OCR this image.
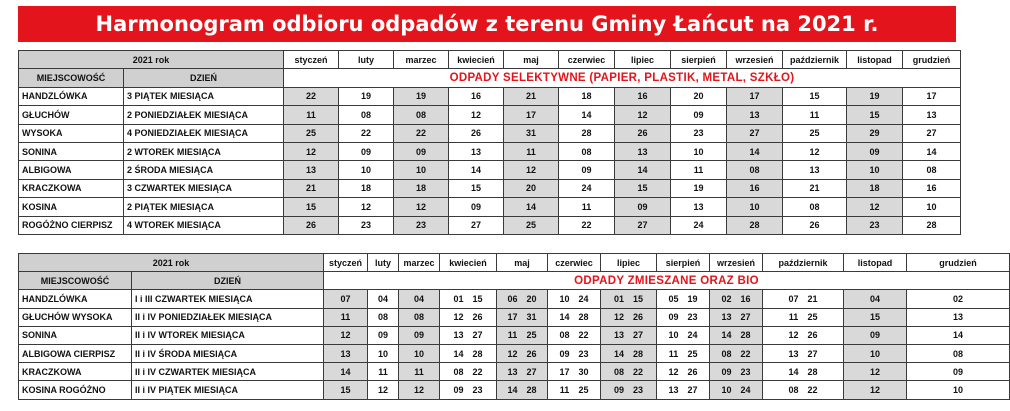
Harmonogram odbioru odpadów z terenu Gminy Łańcut na 2021 r.
2021 rok		styczeń	luty	marzec	kwiecień	maj	czerwiec	lipiec	sierpień	wrzesień	październik	listopad	grudzień
MIEJSCOWOŚĆ	DZIEŃ	ODPADY SELEKTYWNE (PAPIER, PLASTIK, METAL, SZKŁO)											
HANDZLÓWKA	3 PIĄTEK MIESIĄCA	22	19	19	16	21	18	16	20	17	15	19	17
GŁUCHÓW	2 PONIEDZIAŁEK MIESIĄCA	11	08	08	12	17	14	12	09	13	11	15	13
WYSOKA	4 PONIEDZIAŁEK MIESIĄCA	25	22	22	26	31	28	26	23	27	25	29	27
SONINA	2 WTOREK MIESIĄCA	12	09	09	13	11	08	13	10	14	12	09	14
ALBIGOWA	2 ŚRODA MIESIĄCA	13	10	10	14	12	09	14	11	08	13	10	08
KRACZKOWA	3 CZWARTEK MIESIĄCA	21	18	18	15	20	24	15	19	16	21	18	16
KOSINA	2 PIĄTEK MIESIĄCA	15	12	12	09	14	11	09	13	10	08	12	10
ROGÓŻNO CIERPISZ	4 WTOREK MIESIĄCA	26	23	23	27	25	22	27	24	28	26	23	28
2021 rok		styczeń	luty	marzec	kwiecień	maj	czerwiec	lipiec	sierpień	wrzesień	październik	listopad	grudzień
MIEJSCOWOŚĆ	DZIEŃ	ODPADY ZMIESZANE ORAZ BIO											
HANDZLÓWKA	I i III CZWARTEK MIESIĄCA	07	04	04	01 15	06 20	10 24	01 15	05 19	02 16	07 21	04	02
GŁUCHÓW WYSOKA	II i IV PONIEDZIAŁEK MIESIĄCA	11	08	08	12 26	17 31	14 28	12 26	09 23	13 27	11 25	15	13
SONINA	II i IV WTOREK MIESIĄCA	12	09	09	13 27	11 25	08 22	13 27	10 24	14 28	12 26	09	14
ALBIGOWA CIERPISZ	II i IV ŚRODA MIESIĄCA	13	10	10	14 28	12 26	09 23	14 28	11 25	08 22	13 27	10	08
KRACZKOWA	II i IV CZWARTEK MIESIĄCA	14	11	11	08 22	13 27	17 30	08 22	12 26	09 23	14 28	12	09
KOSINA ROGÓŻNO	II i IV PIĄTEK MIESIĄCA	15	12	12	09 23	14 28	11 25	09 23	13 27	10 24	08 22	12	10
